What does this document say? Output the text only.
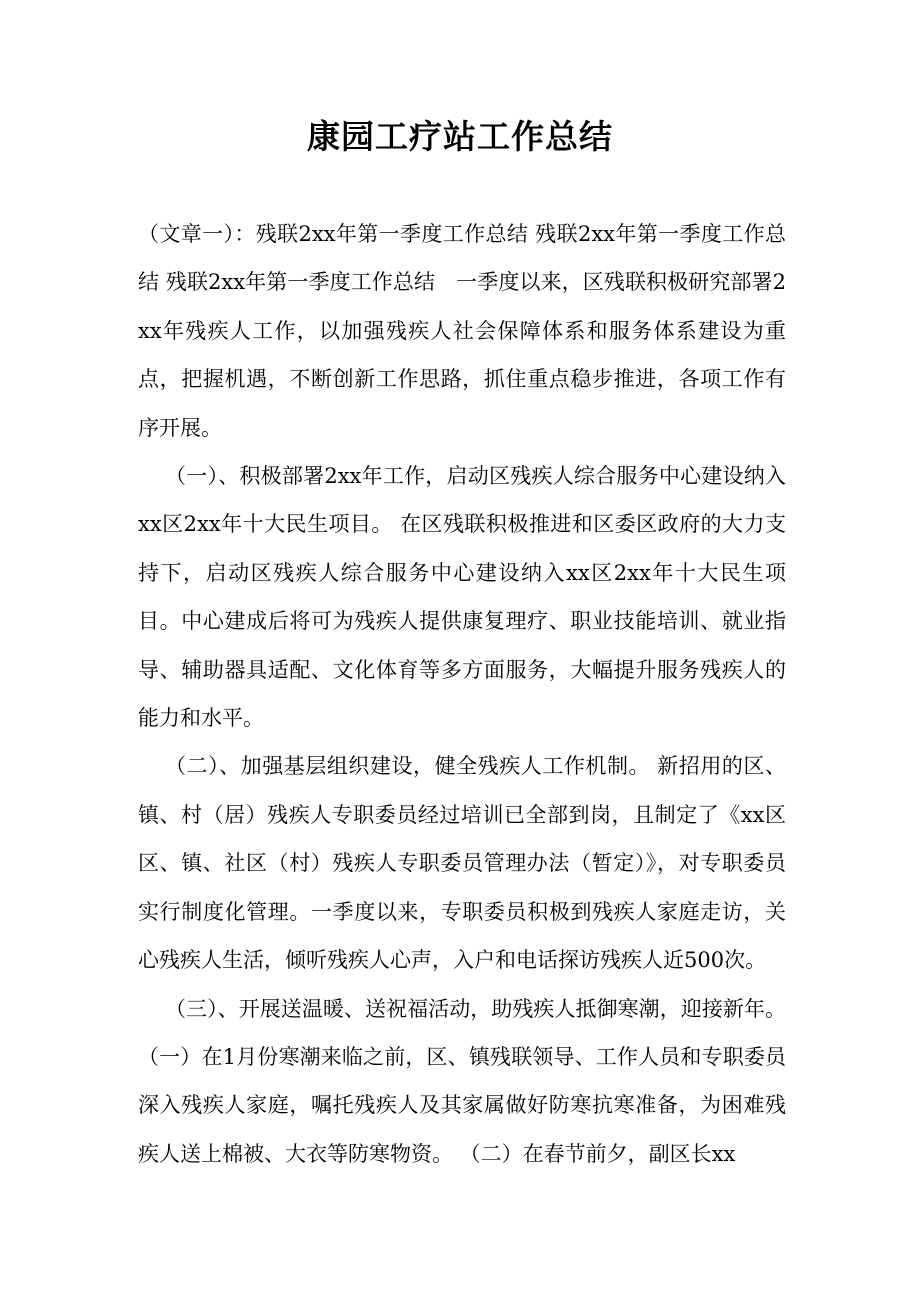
康园工疗站工作总结

（文章一）：残联2xx年第一季度工作总结 残联2xx年第一季度工作总结 残联2xx年第一季度工作总结　一季度以来，区残联积极研究部署2xx年残疾人工作，以加强残疾人社会保障体系和服务体系建设为重点，把握机遇，不断创新工作思路，抓住重点稳步推进，各项工作有序开展。

（一）、积极部署2xx年工作，启动区残疾人综合服务中心建设纳入xx区2xx年十大民生项目。 在区残联积极推进和区委区政府的大力支持下，启动区残疾人综合服务中心建设纳入xx区2xx年十大民生项目。中心建成后将可为残疾人提供康复理疗、职业技能培训、就业指导、辅助器具适配、文化体育等多方面服务，大幅提升服务残疾人的能力和水平。

（二）、加强基层组织建设，健全残疾人工作机制。 新招用的区、镇、村（居）残疾人专职委员经过培训已全部到岗，且制定了《xx区区、镇、社区（村）残疾人专职委员管理办法（暂定）》，对专职委员实行制度化管理。一季度以来，专职委员积极到残疾人家庭走访，关心残疾人生活，倾听残疾人心声，入户和电话探访残疾人近500次。

（三）、开展送温暖、送祝福活动，助残疾人抵御寒潮，迎接新年。（一）在1月份寒潮来临之前，区、镇残联领导、工作人员和专职委员深入残疾人家庭，嘱托残疾人及其家属做好防寒抗寒准备，为困难残疾人送上棉被、大衣等防寒物资。 （二）在春节前夕，副区长xx
